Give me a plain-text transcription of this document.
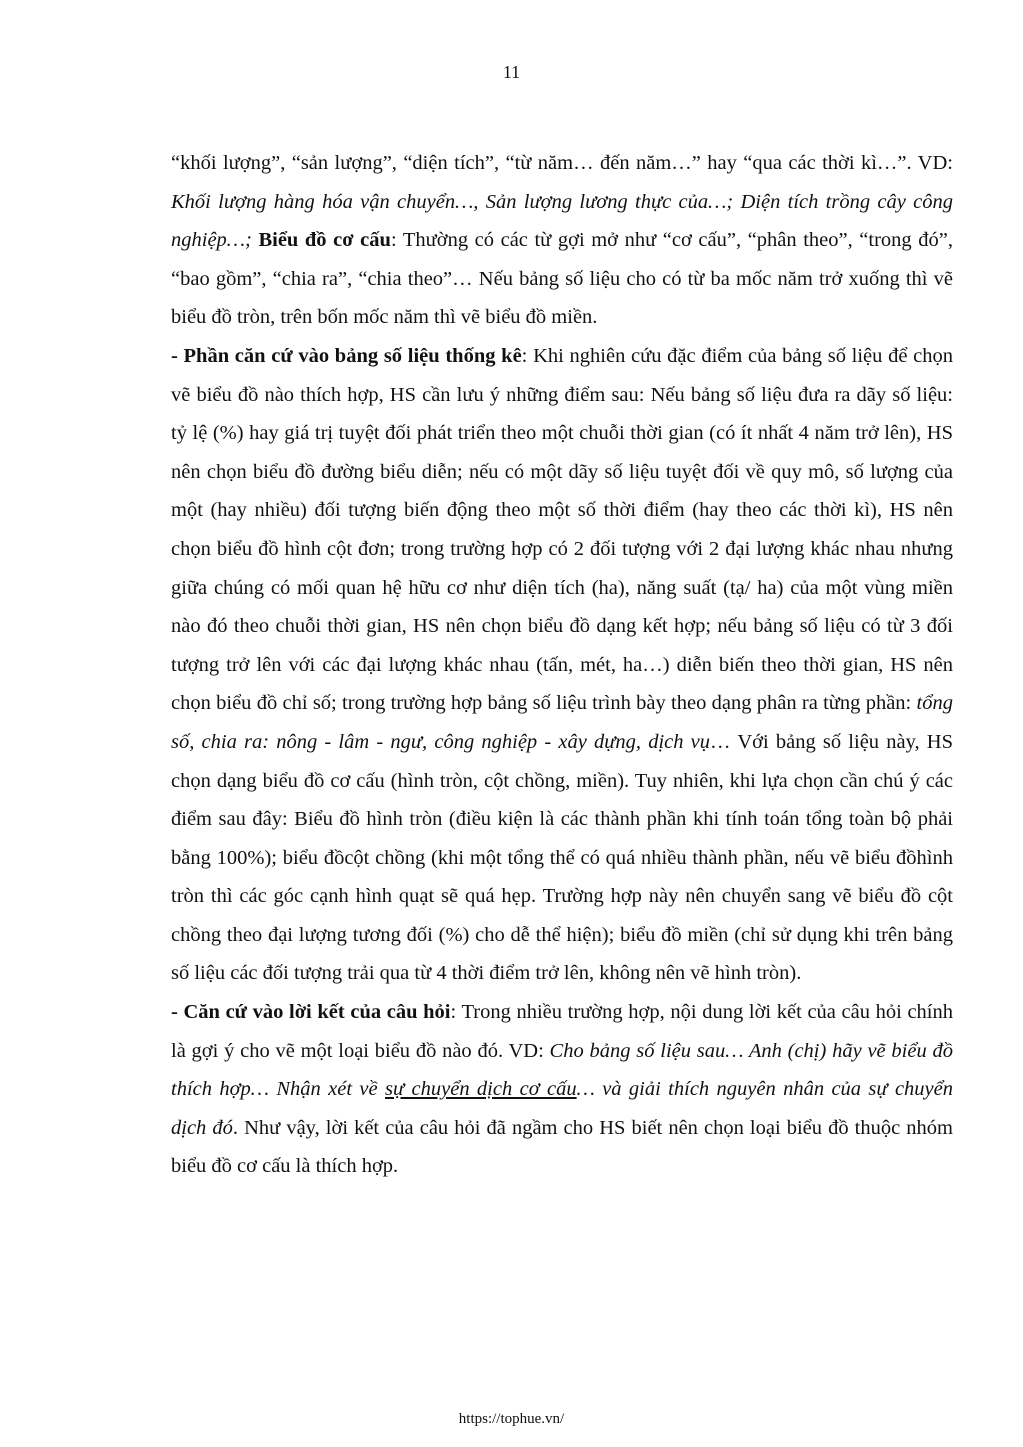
11

“khối lượng”, “sản lượng”, “diện tích”, “từ năm… đến năm…” hay “qua các thời kì…”. VD: Khối lượng hàng hóa vận chuyển…, Sản lượng lương thực của…; Diện tích trồng cây công nghiệp…; Biểu đồ cơ cấu: Thường có các từ gợi mở như “cơ cấu”, “phân theo”, “trong đó”, “bao gồm”, “chia ra”, “chia theo”… Nếu bảng số liệu cho có từ ba mốc năm trở xuống thì vẽ biểu đồ tròn, trên bốn mốc năm thì vẽ biểu đồ miền.

- Phần căn cứ vào bảng số liệu thống kê: Khi nghiên cứu đặc điểm của bảng số liệu để chọn vẽ biểu đồ nào thích hợp, HS cần lưu ý những điểm sau: Nếu bảng số liệu đưa ra dãy số liệu: tỷ lệ (%) hay giá trị tuyệt đối phát triển theo một chuỗi thời gian (có ít nhất 4 năm trở lên), HS nên chọn biểu đồ đường biểu diễn; nếu có một dãy số liệu tuyệt đối về quy mô, số lượng của một (hay nhiều) đối tượng biến động theo một số thời điểm (hay theo các thời kì), HS nên chọn biểu đồ hình cột đơn; trong trường hợp có 2 đối tượng với 2 đại lượng khác nhau nhưng giữa chúng có mối quan hệ hữu cơ như diện tích (ha), năng suất (tạ/ ha) của một vùng miền nào đó theo chuỗi thời gian, HS nên chọn biểu đồ dạng kết hợp; nếu bảng số liệu có từ 3 đối tượng trở lên với các đại lượng khác nhau (tấn, mét, ha…) diễn biến theo thời gian, HS nên chọn biểu đồ chỉ số; trong trường hợp bảng số liệu trình bày theo dạng phân ra từng phần: tổng số, chia ra: nông - lâm - ngư, công nghiệp - xây dựng, dịch vụ… Với bảng số liệu này, HS chọn dạng biểu đồ cơ cấu (hình tròn, cột chồng, miền). Tuy nhiên, khi lựa chọn cần chú ý các điểm sau đây: Biểu đồ hình tròn (điều kiện là các thành phần khi tính toán tổng toàn bộ phải bằng 100%); biểu đồcột chồng (khi một tổng thể có quá nhiều thành phần, nếu vẽ biểu đồhình tròn thì các góc cạnh hình quạt sẽ quá hẹp. Trường hợp này nên chuyển sang vẽ biểu đồ cột chồng theo đại lượng tương đối (%) cho dễ thể hiện); biểu đồ miền (chỉ sử dụng khi trên bảng số liệu các đối tượng trải qua từ 4 thời điểm trở lên, không nên vẽ hình tròn).

- Căn cứ vào lời kết của câu hỏi: Trong nhiều trường hợp, nội dung lời kết của câu hỏi chính là gợi ý cho vẽ một loại biểu đồ nào đó. VD: Cho bảng số liệu sau… Anh (chị) hãy vẽ biểu đồ thích hợp… Nhận xét về sự chuyển dịch cơ cấu… và giải thích nguyên nhân của sự chuyển dịch đó. Như vậy, lời kết của câu hỏi đã ngầm cho HS biết nên chọn loại biểu đồ thuộc nhóm biểu đồ cơ cấu là thích hợp.

https://tophue.vn/
